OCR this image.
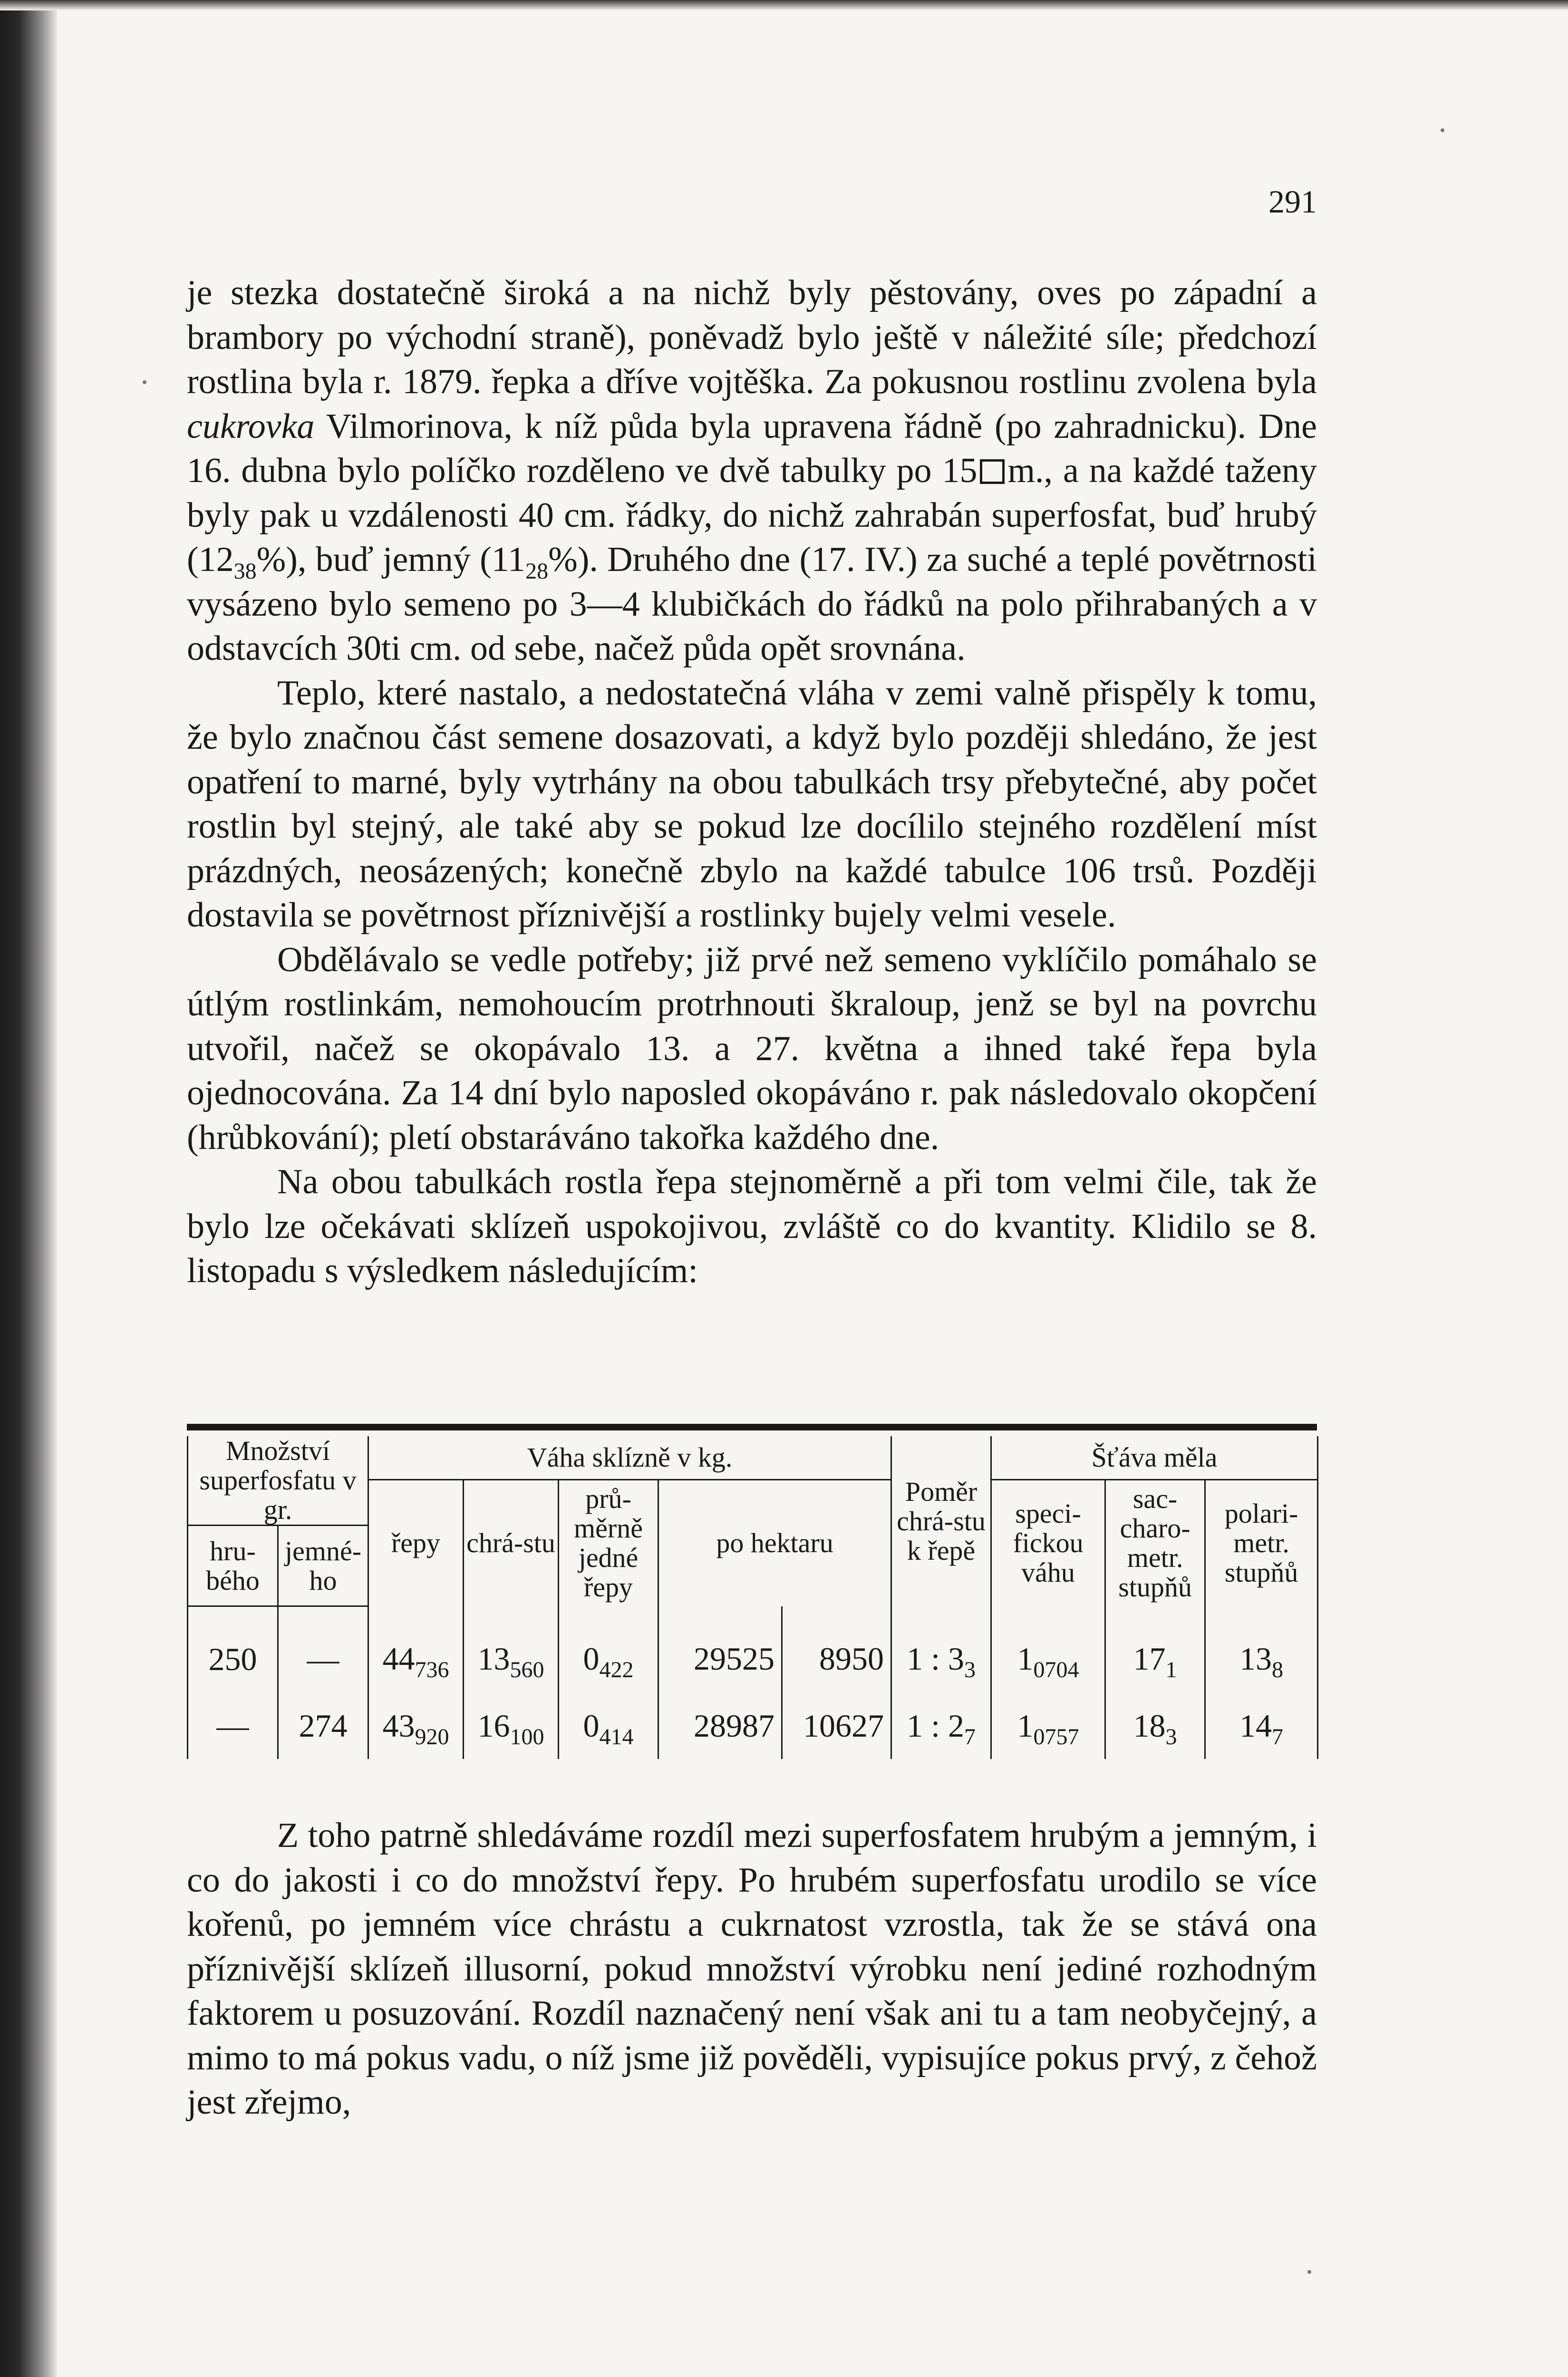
291

je stezka dostatečně široká a na nichž byly pěstovány, oves po západní a brambory po východní straně), poněvadž bylo ještě v náležité síle; předchozí rostlina byla r. 1879. řepka a dříve vojtěška. Za pokusnou rostlinu zvolena byla cukrovka Vilmorinova, k níž půda byla upravena řádně (po zahradnicku). Dne 16. dubna bylo políčko rozděleno ve dvě tabulky po 15 m., a na každé taženy byly pak u vzdálenosti 40 cm. řádky, do nichž zahrabán superfosfat, buď hrubý $(12_{38}\%)$, buď jemný $(11_{28}\%)$. Druhého dne (17. IV.) za suché a teplé povětrnosti vysázeno bylo semeno po 3—4 klubičkách do řádků na polo přihrabaných a v odstavcích 30ti cm. od sebe, načež půda opět srovnána.

Teplo, které nastalo, a nedostatečná vláha v zemi valně přispěly k tomu, že bylo značnou část semene dosazovati, a když bylo později shledáno, že jest opatření to marné, byly vytrhány na obou tabulkách trsy přebytečné, aby počet rostlin byl stejný, ale také aby se pokud lze docílilo stejného rozdělení míst prázdných, neosázených; konečně zbylo na každé tabulce 106 trsů. Později dostavila se povětrnost příznivější a rostlinky bujely velmi vesele.

Obdělávalo se vedle potřeby; již prvé než semeno vyklíčilo pomáhalo se útlým rostlinkám, nemohoucím protrhnouti škraloup, jenž se byl na povrchu utvořil, načež se okopávalo 13. a 27. května a ihned také řepa byla ojednocována. Za 14 dní bylo naposled okopáváno r. pak následovalo okopčení (hrůbkování); pletí obstaráváno takořka každého dne.

Na obou tabulkách rostla řepa stejnoměrně a při tom velmi čile, tak že bylo lze očekávati sklízeň uspokojivou, zvláště co do kvantity. Klidilo se 8. listopadu s výsledkem následujícím:

Množství superfosfatu v gr.		Váha sklízně v kg.					Poměr chrá-stu k řepě	Šťáva měla		
		řepy	chrá-stu	prů-měrně jedné řepy	po hektaru			speci-fickou váhu	sac-charo-metr. stupňů	polari-metr. stupňů
hru-bého	jemné-ho									
250	—	$44_{736}$	$13_{560}$	$0_{422}$	29525	8950	1 : $3_3$	$1_{0704}$	$17_1$	$13_8$
—	274	$43_{920}$	$16_{100}$	$0_{414}$	28987	10627	1 : $2_7$	$1_{0757}$	$18_3$	$14_7$

Z toho patrně shledáváme rozdíl mezi superfosfatem hrubým a jemným, i co do jakosti i co do množství řepy. Po hrubém superfosfatu urodilo se více kořenů, po jemném více chrástu a cukrnatost vzrostla, tak že se stává ona příznivější sklízeň illusorní, pokud množství výrobku není jediné rozhodným faktorem u posuzování. Rozdíl naznačený není však ani tu a tam neobyčejný, a mimo to má pokus vadu, o níž jsme již pověděli, vypisujíce pokus prvý, z čehož jest zřejmo,
